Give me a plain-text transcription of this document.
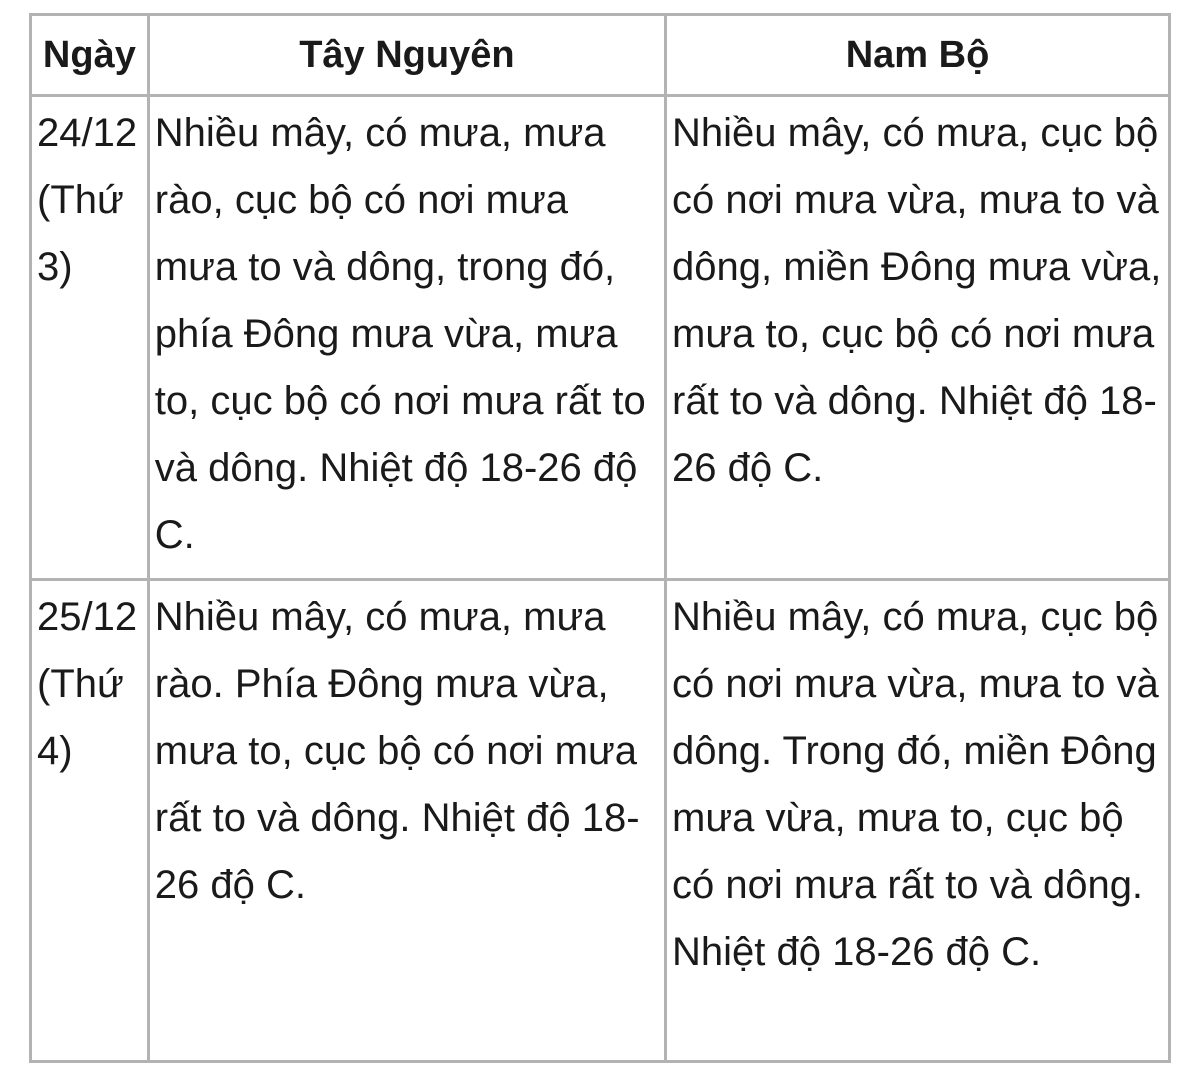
Ngày	Tây Nguyên	Nam Bộ
24/12 (Thứ 3)	Nhiều mây, có mưa, mưa rào, cục bộ có nơi mưa mưa to và dông, trong đó, phía Đông mưa vừa, mưa to, cục bộ có nơi mưa rất to và dông. Nhiệt độ 18-26 độ C.	Nhiều mây, có mưa, cục bộ có nơi mưa vừa, mưa to và dông, miền Đông mưa vừa, mưa to, cục bộ có nơi mưa rất to và dông. Nhiệt độ 18-26 độ C.
25/12 (Thứ 4)	Nhiều mây, có mưa, mưa rào. Phía Đông mưa vừa, mưa to, cục bộ có nơi mưa rất to và dông. Nhiệt độ 18-26 độ C.	Nhiều mây, có mưa, cục bộ có nơi mưa vừa, mưa to và dông. Trong đó, miền Đông mưa vừa, mưa to, cục bộ có nơi mưa rất to và dông. Nhiệt độ 18-26 độ C.
